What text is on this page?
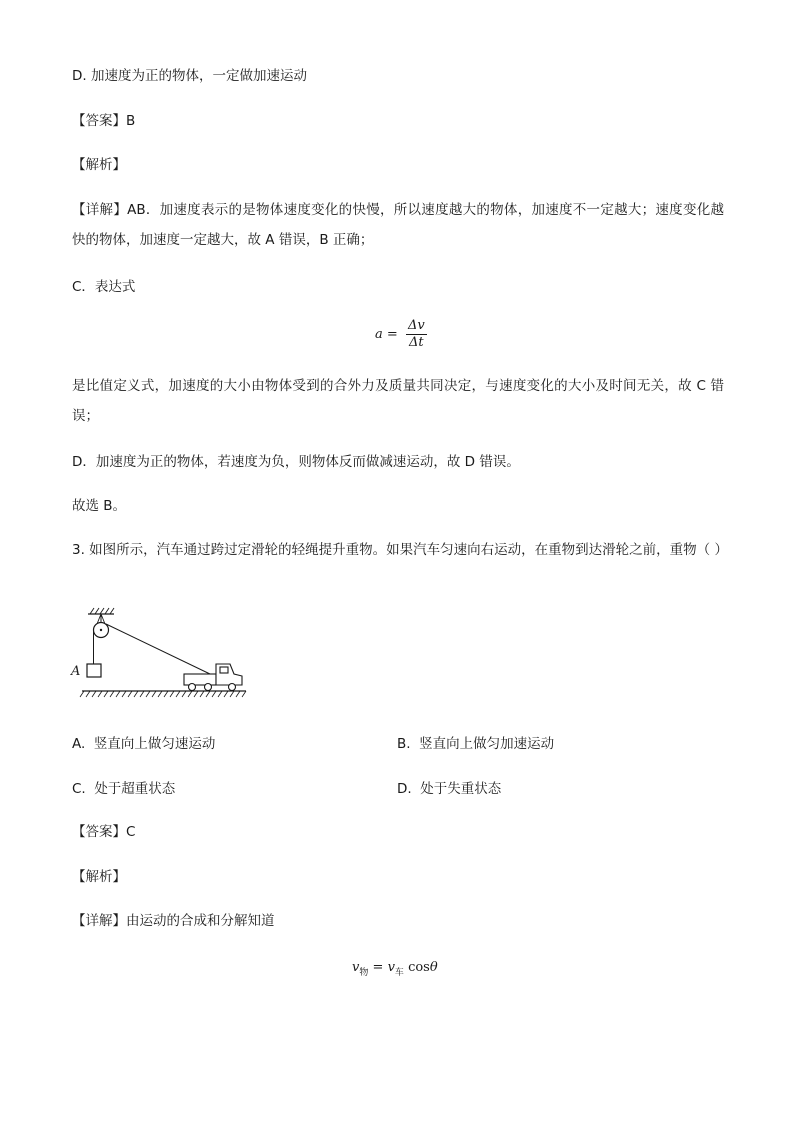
D. 加速度为正的物体，一定做加速运动
【答案】B
【解析】
【详解】AB．加速度表示的是物体速度变化的快慢，所以速度越大的物体，加速度不一定越大；速度变化越快的物体，加速度一定越大，故 A 错误，B 正确；
C．表达式
$a = \frac{\Delta v}{\Delta t}$
是比值定义式，加速度的大小由物体受到的合外力及质量共同决定，与速度变化的大小及时间无关，故 C 错误；
D．加速度为正的物体，若速度为负，则物体反而做减速运动，故 D 错误。
故选 B。
3. 如图所示，汽车通过跨过定滑轮的轻绳提升重物。如果汽车匀速向右运动，在重物到达滑轮之前，重物（ ）
A
A. 竖直向上做匀速运动	B. 竖直向上做匀加速运动
C. 处于超重状态	D. 处于失重状态
【答案】C
【解析】
【详解】由运动的合成和分解知道
$v_物 = v_车$ cosθ
